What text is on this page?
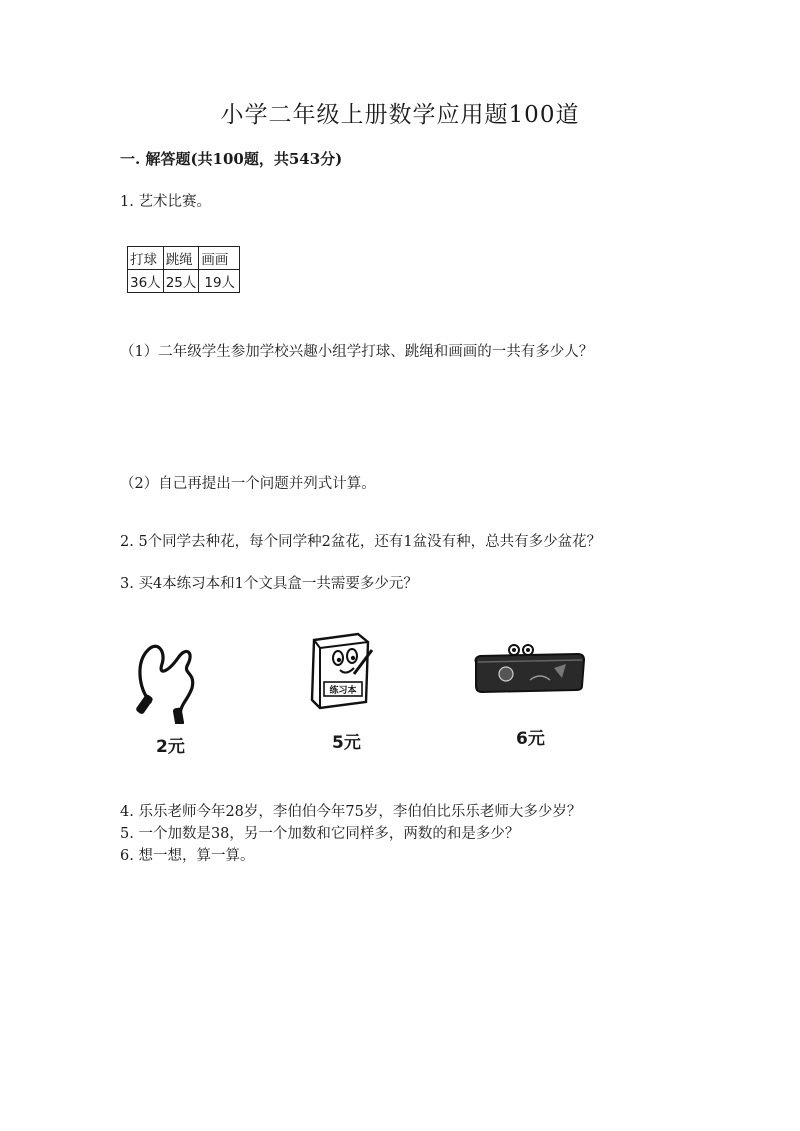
小学二年级上册数学应用题100道
一. 解答题(共100题，共543分)
1. 艺术比赛。
打球	跳绳	画画
36人	25人	19人
（1）二年级学生参加学校兴趣小组学打球、跳绳和画画的一共有多少人？
（2）自己再提出一个问题并列式计算。
2. 5个同学去种花，每个同学种2盆花，还有1盆没有种，总共有多少盆花？
3. 买4本练习本和1个文具盒一共需要多少元？
2元
练习本
5元	6元
4. 乐乐老师今年28岁，李伯伯今年75岁，李伯伯比乐乐老师大多少岁？
5. 一个加数是38，另一个加数和它同样多，两数的和是多少？
6. 想一想，算一算。
